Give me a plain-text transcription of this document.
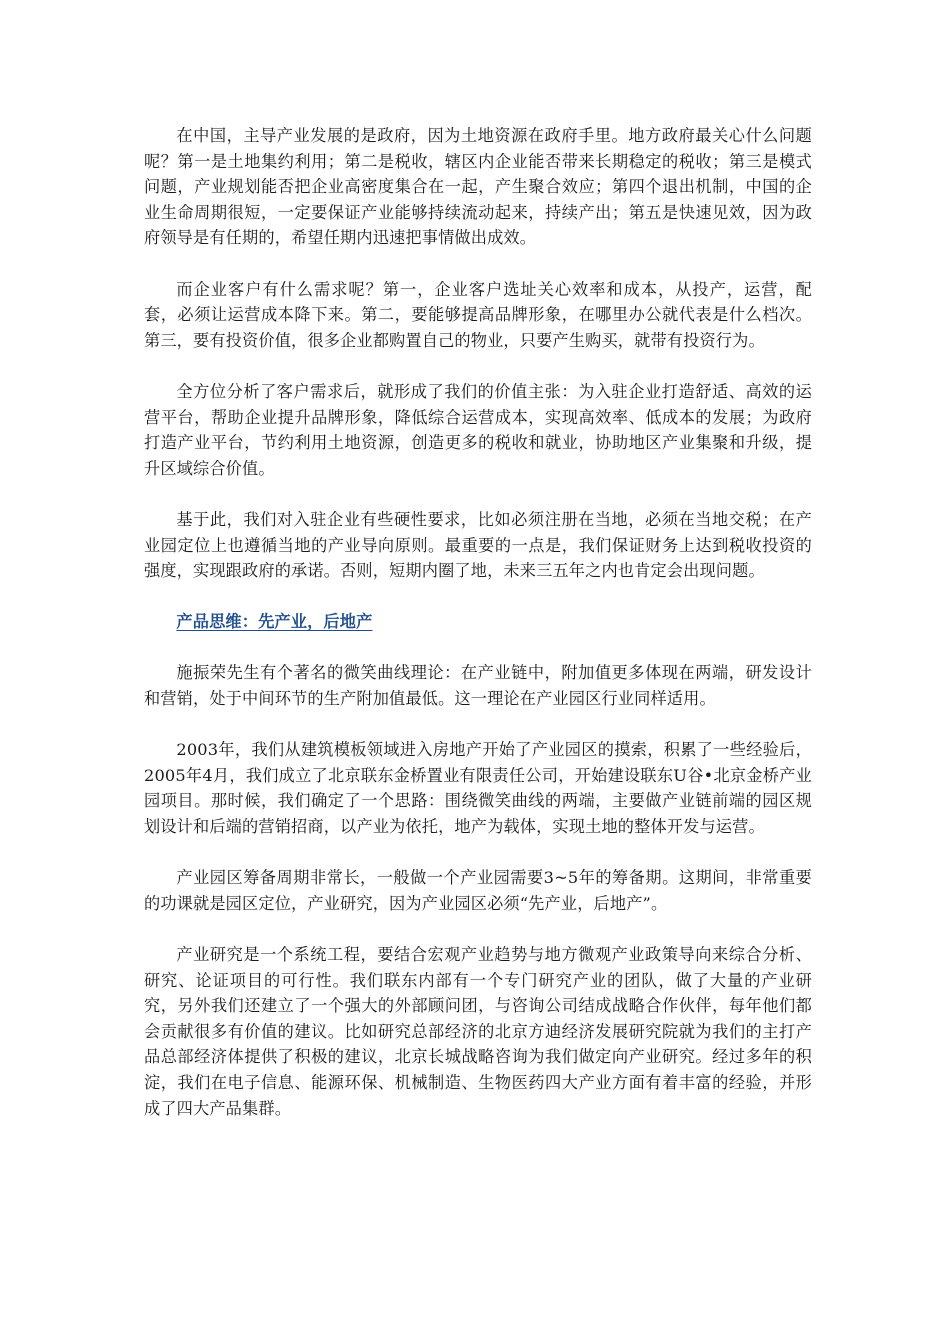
在中国，主导产业发展的是政府，因为土地资源在政府手里。地方政府最关心什么问题呢？第一是土地集约利用；第二是税收，辖区内企业能否带来长期稳定的税收；第三是模式问题，产业规划能否把企业高密度集合在一起，产生聚合效应；第四个退出机制，中国的企业生命周期很短，一定要保证产业能够持续流动起来，持续产出；第五是快速见效，因为政府领导是有任期的，希望任期内迅速把事情做出成效。

而企业客户有什么需求呢？第一，企业客户选址关心效率和成本，从投产，运营，配套，必须让运营成本降下来。第二，要能够提高品牌形象，在哪里办公就代表是什么档次。第三，要有投资价值，很多企业都购置自己的物业，只要产生购买，就带有投资行为。

全方位分析了客户需求后，就形成了我们的价值主张：为入驻企业打造舒适、高效的运营平台，帮助企业提升品牌形象，降低综合运营成本，实现高效率、低成本的发展；为政府打造产业平台，节约利用土地资源，创造更多的税收和就业，协助地区产业集聚和升级，提升区域综合价值。

基于此，我们对入驻企业有些硬性要求，比如必须注册在当地，必须在当地交税；在产业园定位上也遵循当地的产业导向原则。最重要的一点是，我们保证财务上达到税收投资的强度，实现跟政府的承诺。否则，短期内圈了地，未来三五年之内也肯定会出现问题。

产品思维：先产业，后地产

施振荣先生有个著名的微笑曲线理论：在产业链中，附加值更多体现在两端，研发设计和营销，处于中间环节的生产附加值最低。这一理论在产业园区行业同样适用。

2003年，我们从建筑模板领域进入房地产开始了产业园区的摸索，积累了一些经验后，2005年4月，我们成立了北京联东金桥置业有限责任公司，开始建设联东U谷•北京金桥产业园项目。那时候，我们确定了一个思路：围绕微笑曲线的两端，主要做产业链前端的园区规划设计和后端的营销招商，以产业为依托，地产为载体，实现土地的整体开发与运营。

产业园区筹备周期非常长，一般做一个产业园需要3~5年的筹备期。这期间，非常重要的功课就是园区定位，产业研究，因为产业园区必须“先产业，后地产”。

产业研究是一个系统工程，要结合宏观产业趋势与地方微观产业政策导向来综合分析、研究、论证项目的可行性。我们联东内部有一个专门研究产业的团队，做了大量的产业研究，另外我们还建立了一个强大的外部顾问团，与咨询公司结成战略合作伙伴，每年他们都会贡献很多有价值的建议。比如研究总部经济的北京方迪经济发展研究院就为我们的主打产品总部经济体提供了积极的建议，北京长城战略咨询为我们做定向产业研究。经过多年的积淀，我们在电子信息、能源环保、机械制造、生物医药四大产业方面有着丰富的经验，并形成了四大产品集群。
